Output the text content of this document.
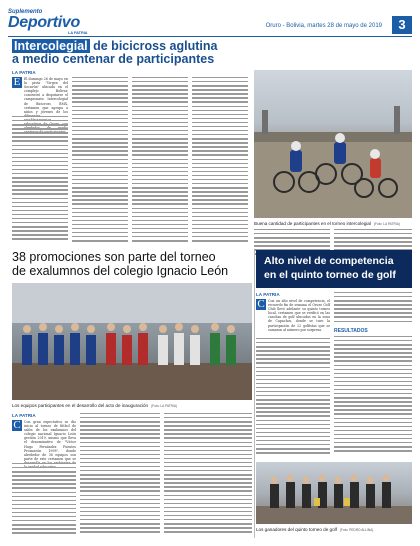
Suplemento
Deportivo
LA PATRIA
Oruro - Bolivia, martes 28 de mayo de 2019	3
Intercolegial de bicicross aglutina
a medio centenar de participantes
LA PATRIA
E	El domingo 26 de mayo en la pista "Virgen del Socavón" ubicada en el complejo Bolivar, concentró a disputarse el campeonato Intercolegial de Bicicross BMX, certamen que agrupa a niños y jóvenes de los
Buena cantidad de participantes en el torneo intercolegial (Foto: LA PATRIA)
38 promociones son parte del torneo
de exalumnos del colegio Ignacio León
Los equipos participantes en el desarrollo del acto de inauguración (Foto: LA PATRIA)
LA PATRIA
C	Con gran expectativa se dio inicio al torneo de fútbol de salón de los exalumnos del colegio nacional Ignacio León gestión 2019, mismo que lleva el denominativo de "Víctor Hugo Fernández Fuentes Promoción 1998", donde alrededor de 38 equipos son parte de este certamen que se
Alto nivel de competencia
en el quinto torneo de golf
LA PATRIA
C	Con un alto nivel de competencia, el recuerdo fin de semana el Oruro Golf Club llevó adelante su quinto torneo local, certamen que se verificó en las canchas de golf ubicadas en la zona de Capachos, donde se tuvo la participación de 22 golfistas que se sumaron al número por sorpresa.	RESULTADOS
Los ganadores del quinto torneo de golf (Foto: PEDRO ALLINA)
